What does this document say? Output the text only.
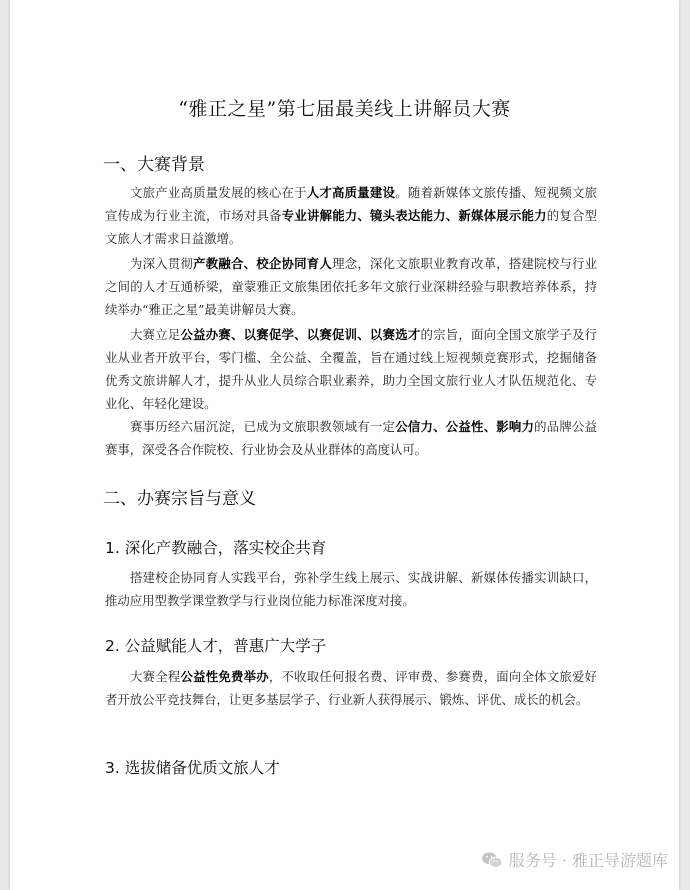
“雅正之星”第七届最美线上讲解员大赛
一、大赛背景

文旅产业高质量发展的核心在于人才高质量建设。随着新媒体文旅传播、短视频文旅宣传成为行业主流，市场对具备专业讲解能力、镜头表达能力、新媒体展示能力的复合型文旅人才需求日益激增。

为深入贯彻产教融合、校企协同育人理念，深化文旅职业教育改革，搭建院校与行业之间的人才互通桥梁，童蒙雅正文旅集团依托多年文旅行业深耕经验与职教培养体系，持续举办“雅正之星”最美讲解员大赛。

大赛立足公益办赛、以赛促学、以赛促训、以赛选才的宗旨，面向全国文旅学子及行业从业者开放平台，零门槛、全公益、全覆盖，旨在通过线上短视频竞赛形式，挖掘储备优秀文旅讲解人才，提升从业人员综合职业素养，助力全国文旅行业人才队伍规范化、专业化、年轻化建设。

赛事历经六届沉淀，已成为文旅职教领域有一定公信力、公益性、影响力的品牌公益赛事，深受各合作院校、行业协会及从业群体的高度认可。

二、办赛宗旨与意义
1. 深化产教融合，落实校企共育

搭建校企协同育人实践平台，弥补学生线上展示、实战讲解、新媒体传播实训缺口，推动应用型教学课堂教学与行业岗位能力标准深度对接。

2. 公益赋能人才，普惠广大学子

大赛全程公益性免费举办，不收取任何报名费、评审费、参赛费，面向全体文旅爱好者开放公平竞技舞台，让更多基层学子、行业新人获得展示、锻炼、评优、成长的机会。

3. 选拔储备优质文旅人才
服务号 · 雅正导游题库
